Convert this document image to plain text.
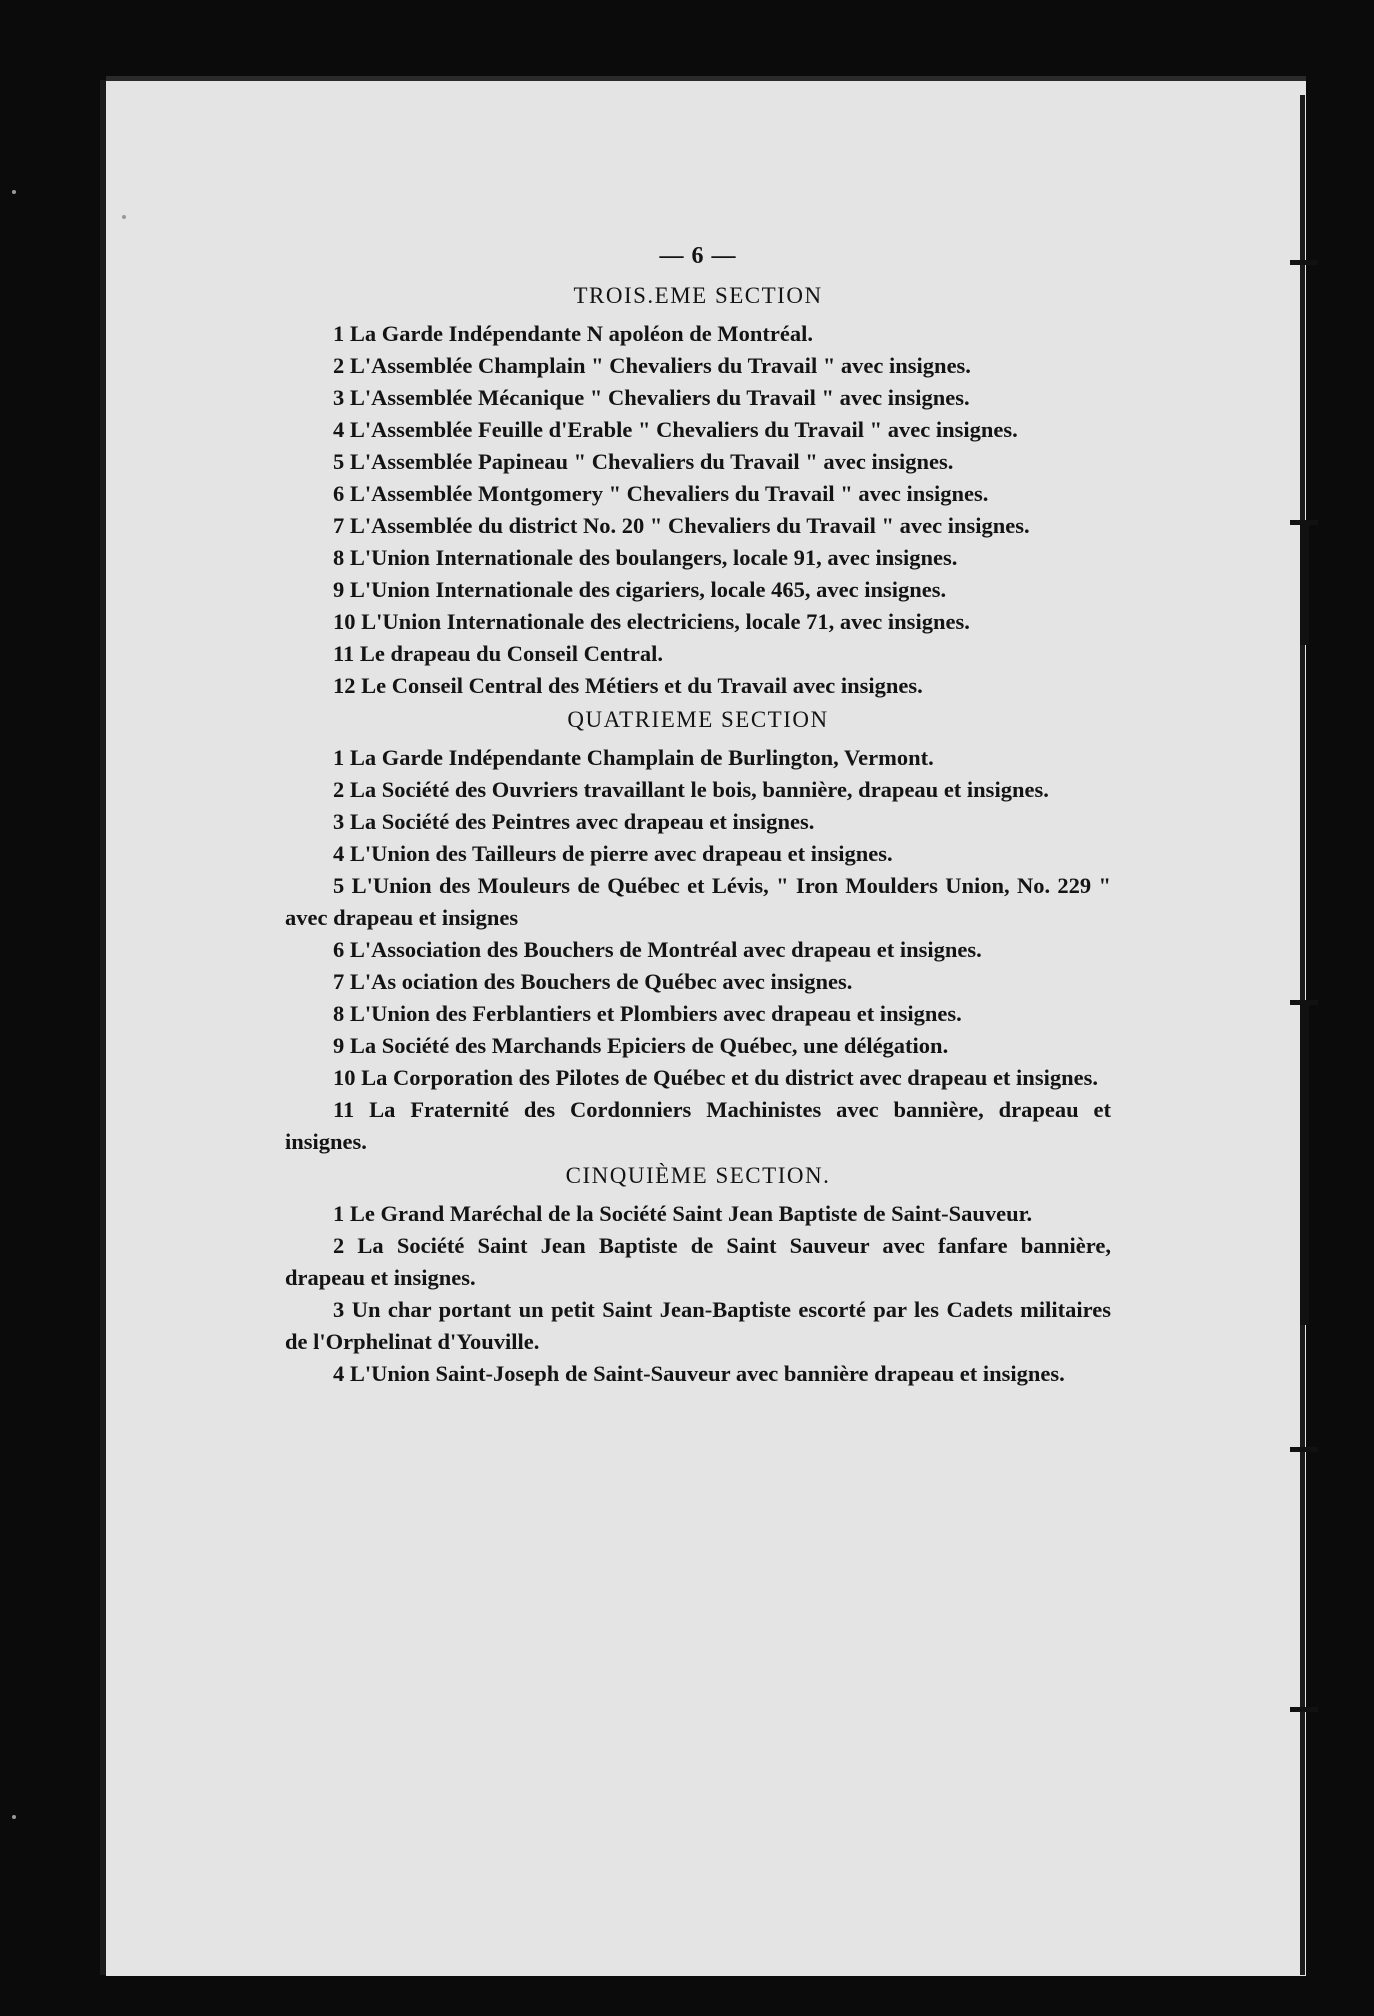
— 6 —
TROIS.EME SECTION

1 La Garde Indépendante N apoléon de Montréal.

2 L'Assemblée Champlain " Chevaliers du Travail " avec insignes.

3 L'Assemblée Mécanique " Chevaliers du Travail " avec insignes.

4 L'Assemblée Feuille d'Erable " Chevaliers du Travail " avec insignes.

5 L'Assemblée Papineau " Chevaliers du Travail " avec insignes.

6 L'Assemblée Montgomery " Chevaliers du Travail " avec insignes.

7 L'Assemblée du district No. 20 " Chevaliers du Travail " avec insignes.

8 L'Union Internationale des boulangers, locale 91, avec insignes.

9 L'Union Internationale des cigariers, locale 465, avec insignes.

10 L'Union Internationale des electriciens, locale 71, avec insignes.

11 Le drapeau du Conseil Central.

12 Le Conseil Central des Métiers et du Travail avec insignes.

QUATRIEME SECTION

1 La Garde Indépendante Champlain de Burlington, Vermont.

2 La Société des Ouvriers travaillant le bois, bannière, drapeau et insignes.

3 La Société des Peintres avec drapeau et insignes.

4 L'Union des Tailleurs de pierre avec drapeau et insignes.

5 L'Union des Mouleurs de Québec et Lévis, " Iron Moulders Union, No. 229 " avec drapeau et insignes

6 L'Association des Bouchers de Montréal avec drapeau et insignes.

7 L'As ociation des Bouchers de Québec avec insignes.

8 L'Union des Ferblantiers et Plombiers avec drapeau et insignes.

9 La Société des Marchands Epiciers de Québec, une délégation.

10 La Corporation des Pilotes de Québec et du district avec drapeau et insignes.

11 La Fraternité des Cordonniers Machinistes avec bannière, drapeau et insignes.

CINQUIÈME SECTION.

1 Le Grand Maréchal de la Société Saint Jean Baptiste de Saint-Sauveur.

2 La Société Saint Jean Baptiste de Saint Sauveur avec fanfare bannière, drapeau et insignes.

3 Un char portant un petit Saint Jean-Baptiste escorté par les Cadets militaires de l'Orphelinat d'Youville.

4 L'Union Saint-Joseph de Saint-Sauveur avec bannière drapeau et insignes.
